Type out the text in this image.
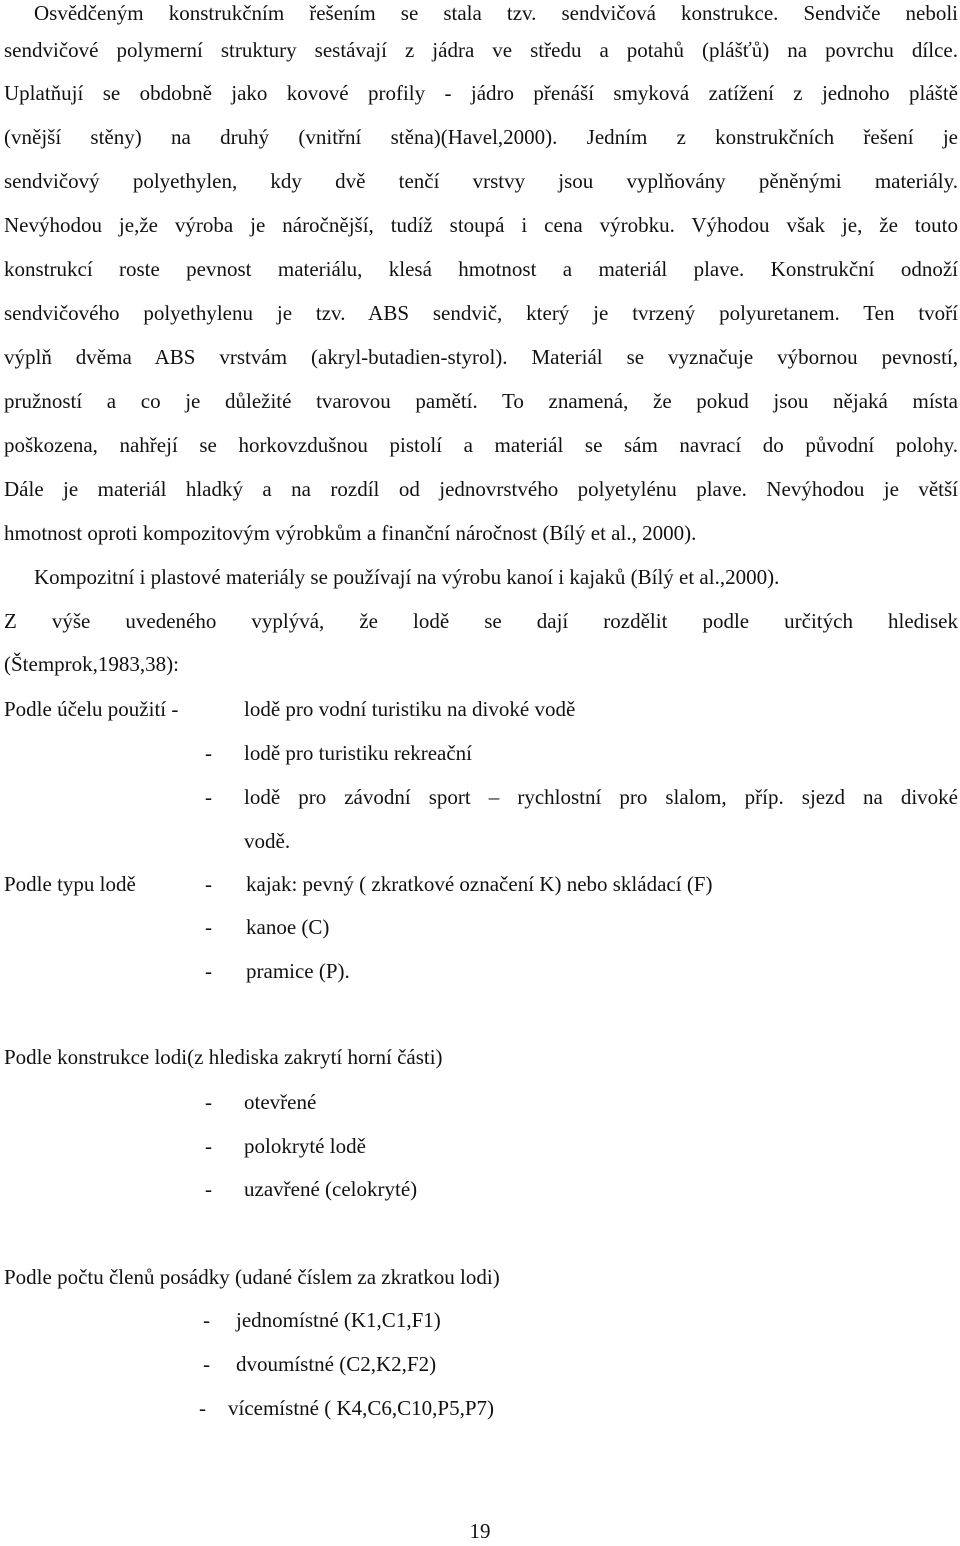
Osvědčeným konstrukčním řešením se stala tzv. sendvičová konstrukce. Sendviče neboli
sendvičové polymerní struktury sestávají z jádra ve středu a potahů (plášťů) na povrchu dílce.
Uplatňují se obdobně jako kovové profily - jádro přenáší smyková zatížení z jednoho pláště
(vnější stěny) na druhý (vnitřní stěna)(Havel,2000). Jedním z konstrukčních řešení je
sendvičový polyethylen, kdy dvě tenčí vrstvy jsou vyplňovány pěněnými materiály.
Nevýhodou je,že výroba je náročnější, tudíž stoupá i cena výrobku. Výhodou však je, že touto
konstrukcí roste pevnost materiálu, klesá hmotnost a materiál plave. Konstrukční odnoží
sendvičového polyethylenu je tzv. ABS sendvič, který je tvrzený polyuretanem. Ten tvoří
výplň dvěma ABS vrstvám (akryl-butadien-styrol). Materiál se vyznačuje výbornou pevností,
pružností a co je důležité tvarovou pamětí. To znamená, že pokud jsou nějaká místa
poškozena, nahřejí se horkovzdušnou pistolí a materiál se sám navrací do původní polohy.
Dále je materiál hladký a na rozdíl od jednovrstvého polyetylénu plave. Nevýhodou je větší
hmotnost oproti kompozitovým výrobkům a finanční náročnost (Bílý et al., 2000).
Kompozitní i plastové materiály se používají na výrobu kanoí i kajaků (Bílý et al.,2000).
Z výše uvedeného vyplývá, že lodě se dají rozdělit podle určitých hledisek
(Štemprok,1983,38):
Podle účelu použití -	lodě pro vodní turistiku na divoké vodě
- lodě pro turistiku rekreační
- lodě pro závodní sport – rychlostní pro slalom, příp. sjezd na divoké
vodě.
Podle typu lodě	- kajak: pevný ( zkratkové označení K) nebo skládací (F)
- kanoe (C)
- pramice (P).
Podle konstrukce lodi(z hlediska zakrytí horní části)
- otevřené
- polokryté lodě
- uzavřené (celokryté)
Podle počtu členů posádky (udané číslem za zkratkou lodi)
- jednomístné (K1,C1,F1)
- dvoumístné (C2,K2,F2)
- vícemístné ( K4,C6,C10,P5,P7)
19
